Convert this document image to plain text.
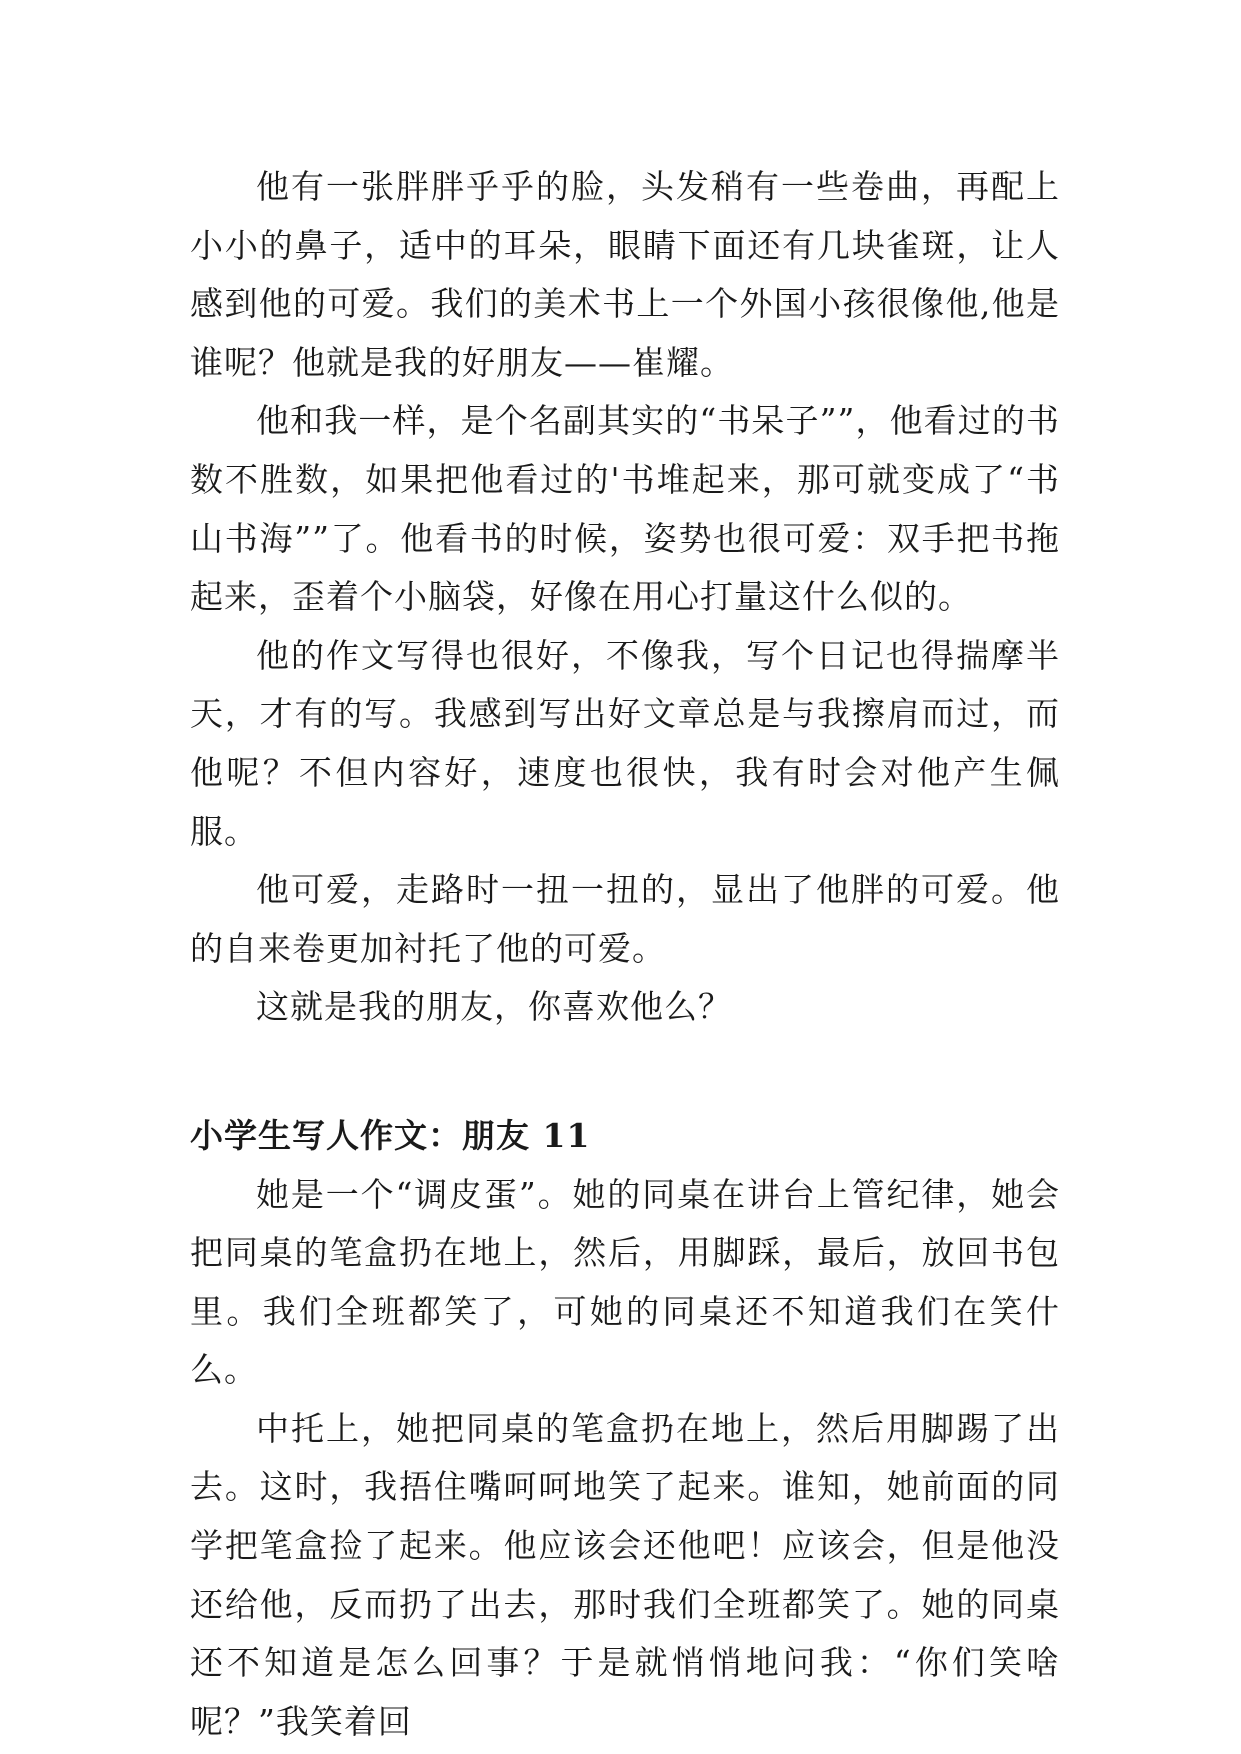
他有一张胖胖乎乎的脸，头发稍有一些卷曲，再配上小小的鼻子，适中的耳朵，眼睛下面还有几块雀斑，让人感到他的可爱。我们的美术书上一个外国小孩很像他,他是谁呢？他就是我的好朋友——崔耀。

他和我一样，是个名副其实的“书呆子””，他看过的书数不胜数，如果把他看过的'书堆起来，那可就变成了“书山书海””了。他看书的时候，姿势也很可爱：双手把书拖起来，歪着个小脑袋，好像在用心打量这什么似的。

他的作文写得也很好，不像我，写个日记也得揣摩半天，才有的写。我感到写出好文章总是与我擦肩而过，而他呢？不但内容好，速度也很快，我有时会对他产生佩服。

他可爱，走路时一扭一扭的，显出了他胖的可爱。他的自来卷更加衬托了他的可爱。

这就是我的朋友，你喜欢他么？

小学生写人作文：朋友 11

她是一个“调皮蛋”。她的同桌在讲台上管纪律，她会把同桌的笔盒扔在地上，然后，用脚踩，最后，放回书包里。我们全班都笑了，可她的同桌还不知道我们在笑什么。

中托上，她把同桌的笔盒扔在地上，然后用脚踢了出去。这时，我捂住嘴呵呵地笑了起来。谁知，她前面的同学把笔盒捡了起来。他应该会还他吧！应该会，但是他没还给他，反而扔了出去，那时我们全班都笑了。她的同桌还不知道是怎么回事？于是就悄悄地问我：“你们笑啥呢？”我笑着回
